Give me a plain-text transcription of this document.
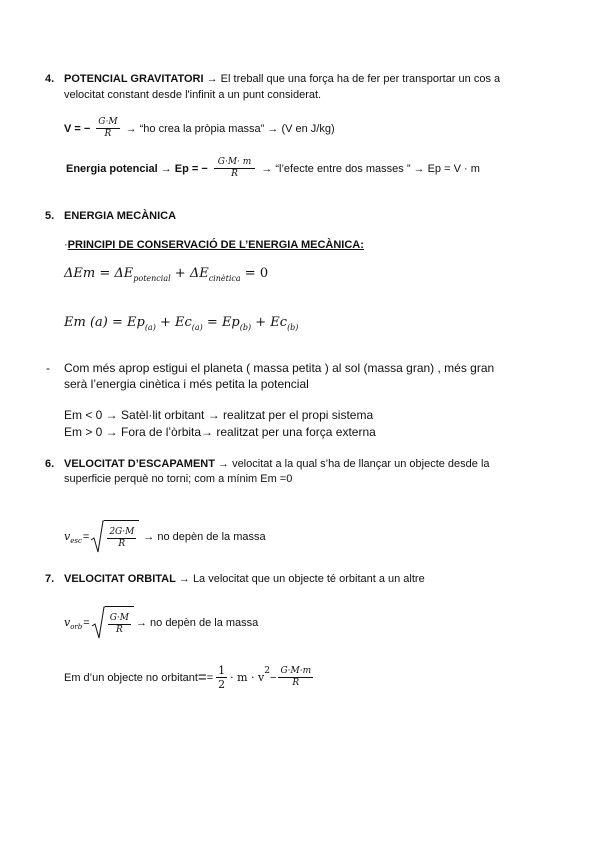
4. POTENCIAL GRAVITATORI → El treball que una força ha de fer per transportar un cos a
velocitat constant desde l'infinit a un punt considerat.
V = − $\frac{G\cdot M}{R}$ → “ho crea la pròpia massa” → (V en J/kg)
Energia potencial → Ep = − $\frac{G\cdot M\cdot m}{R}$ → “l’efecte entre dos masses ” → Ep = V · m
5. ENERGIA MECÀNICA
·PRINCIPI DE CONSERVACIÓ DE L’ENERGIA MECÀNICA:
$\Delta Em = \Delta E_{potencial} + \Delta E_{cinètica} = 0$
Em $(a) = Ep_{(a)} + Ec_{(a)} = Ep_{(b)} + Ec_{(b)}$
- Com més aprop estigui el planeta ( massa petita ) al sol (massa gran) , més gran
serà l’energia cinètica i més petita la potencial
Em < 0 → Satèl·lit orbitant → realitzat per el propi sistema
Em > 0 → Fora de l’òrbita→ realitzat per una força externa
6. VELOCITAT D’ESCAPAMENT → velocitat a la qual s’ha de llançar un objecte desde la
superficie perquè no torni; com a mínim Em =0
v esc = $\frac{2G\cdot M}{R}$ → no depèn de la massa
7. VELOCITAT ORBITAL → La velocitat que un objecte té orbitant a un altre
v orb = $\frac{G\cdot M}{R}$ → no depèn de la massa
Em d’un objecte no orbitant = = $\frac{1}{2} \cdot m \cdot v$ 2
− $\frac{G\cdot M\cdot m}{R}$
